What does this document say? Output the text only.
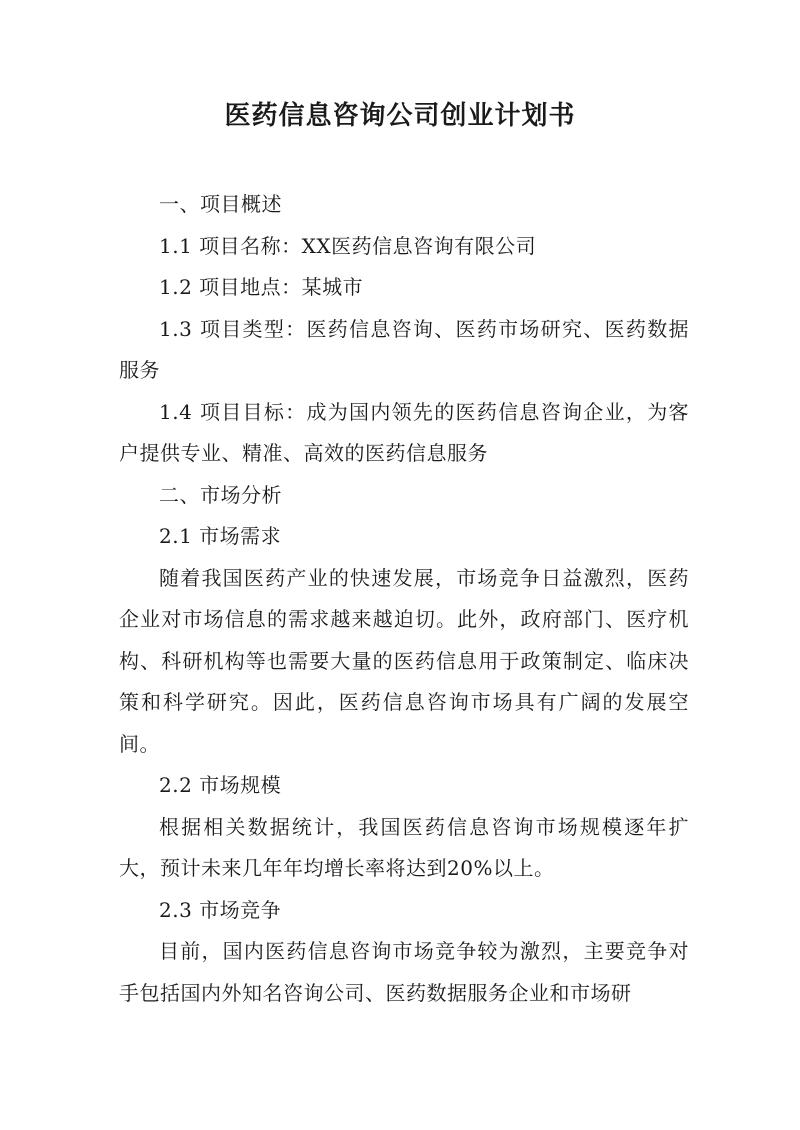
医药信息咨询公司创业计划书

一、项目概述

1.1 项目名称：XX医药信息咨询有限公司

1.2 项目地点：某城市

1.3 项目类型：医药信息咨询、医药市场研究、医药数据服务

1.4 项目目标：成为国内领先的医药信息咨询企业，为客户提供专业、精准、高效的医药信息服务

二、市场分析

2.1 市场需求

随着我国医药产业的快速发展，市场竞争日益激烈，医药企业对市场信息的需求越来越迫切。此外，政府部门、医疗机构、科研机构等也需要大量的医药信息用于政策制定、临床决策和科学研究。因此，医药信息咨询市场具有广阔的发展空间。

2.2 市场规模

根据相关数据统计，我国医药信息咨询市场规模逐年扩大，预计未来几年年均增长率将达到20%以上。

2.3 市场竞争

目前，国内医药信息咨询市场竞争较为激烈，主要竞争对手包括国内外知名咨询公司、医药数据服务企业和市场研
